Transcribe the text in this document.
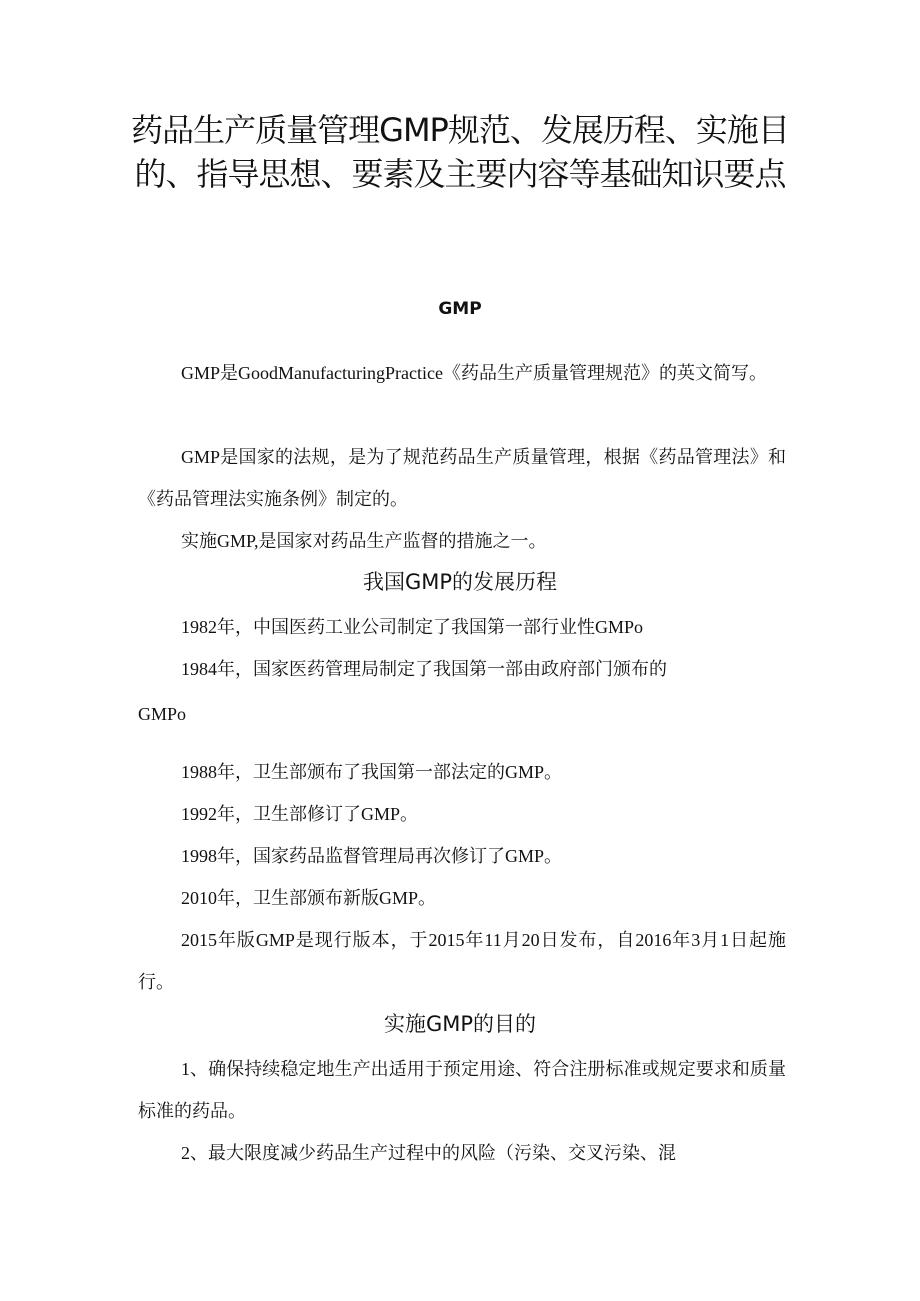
药品生产质量管理GMP规范、发展历程、实施目的、指导思想、要素及主要内容等基础知识要点
GMP

GMP是GoodManufacturingPractice《药品生产质量管理规范》的英文简写。

GMP是国家的法规，是为了规范药品生产质量管理，根据《药品管理法》和《药品管理法实施条例》制定的。

实施GMP,是国家对药品生产监督的措施之一。

我国GMP的发展历程

1982年，中国医药工业公司制定了我国第一部行业性GMPo

1984年，国家医药管理局制定了我国第一部由政府部门颁布的

GMPo

1988年，卫生部颁布了我国第一部法定的GMP。

1992年，卫生部修订了GMP。

1998年，国家药品监督管理局再次修订了GMP。

2010年，卫生部颁布新版GMP。

2015年版GMP是现行版本，于2015年11月20日发布，自2016年3月1日起施行。

实施GMP的目的

1、确保持续稳定地生产出适用于预定用途、符合注册标准或规定要求和质量标准的药品。

2、最大限度减少药品生产过程中的风险（污染、交叉污染、混
